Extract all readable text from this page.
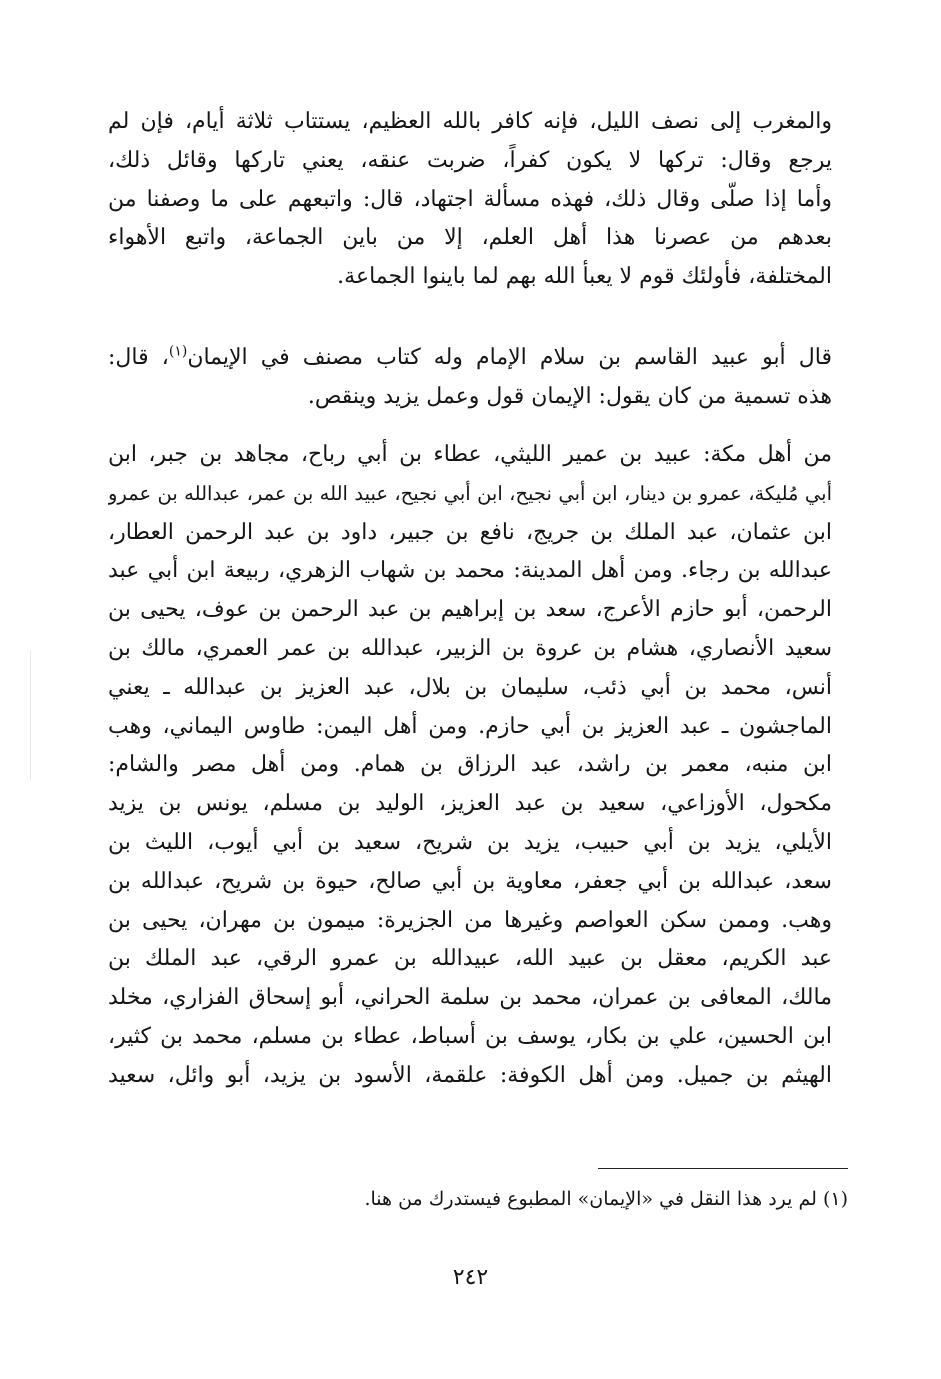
والمغرب إلى نصف الليل، فإنه كافر بالله العظيم، يستتاب ثلاثة أيام، فإن لم
يرجع وقال: تركها لا يكون كفراً، ضربت عنقه، يعني تاركها وقائل ذلك،
وأما إذا صلّى وقال ذلك، فهذه مسألة اجتهاد، قال: واتبعهم على ما وصفنا من
بعدهم من عصرنا هذا أهل العلم، إلا من باين الجماعة، واتبع الأهواء
المختلفة، فأولئك قوم لا يعبأ الله بهم لما باينوا الجماعة.
قال أبو عبيد القاسم بن سلام الإمام وله كتاب مصنف في الإيمان$^{(١)}$، قال:
هذه تسمية من كان يقول: الإيمان قول وعمل يزيد وينقص.
من أهل مكة: عبيد بن عمير الليثي، عطاء بن أبي رباح، مجاهد بن جبر، ابن
أبي مُليكة، عمرو بن دينار، ابن أبي نجيح، ابن أبي نجيح، عبيد الله بن عمر، عبدالله بن عمرو
ابن عثمان، عبد الملك بن جريج، نافع بن جبير، داود بن عبد الرحمن العطار،
عبدالله بن رجاء. ومن أهل المدينة: محمد بن شهاب الزهري، ربيعة ابن أبي عبد
الرحمن، أبو حازم الأعرج، سعد بن إبراهيم بن عبد الرحمن بن عوف، يحيى بن
سعيد الأنصاري، هشام بن عروة بن الزبير، عبدالله بن عمر العمري، مالك بن
أنس، محمد بن أبي ذئب، سليمان بن بلال، عبد العزيز بن عبدالله ـ يعني
الماجشون ـ عبد العزيز بن أبي حازم. ومن أهل اليمن: طاوس اليماني، وهب
ابن منبه، معمر بن راشد، عبد الرزاق بن همام. ومن أهل مصر والشام:
مكحول، الأوزاعي، سعيد بن عبد العزيز، الوليد بن مسلم، يونس بن يزيد
الأيلي، يزيد بن أبي حبيب، يزيد بن شريح، سعيد بن أبي أيوب، الليث بن
سعد، عبدالله بن أبي جعفر، معاوية بن أبي صالح، حيوة بن شريح، عبدالله بن
وهب. وممن سكن العواصم وغيرها من الجزيرة: ميمون بن مهران، يحيى بن
عبد الكريم، معقل بن عبيد الله، عبيدالله بن عمرو الرقي، عبد الملك بن
مالك، المعافى بن عمران، محمد بن سلمة الحراني، أبو إسحاق الفزاري، مخلد
ابن الحسين، علي بن بكار، يوسف بن أسباط، عطاء بن مسلم، محمد بن كثير،
الهيثم بن جميل. ومن أهل الكوفة: علقمة، الأسود بن يزيد، أبو وائل، سعيد
(١) لم يرد هذا النقل في «الإيمان» المطبوع فيستدرك من هنا.
٢٤٢
